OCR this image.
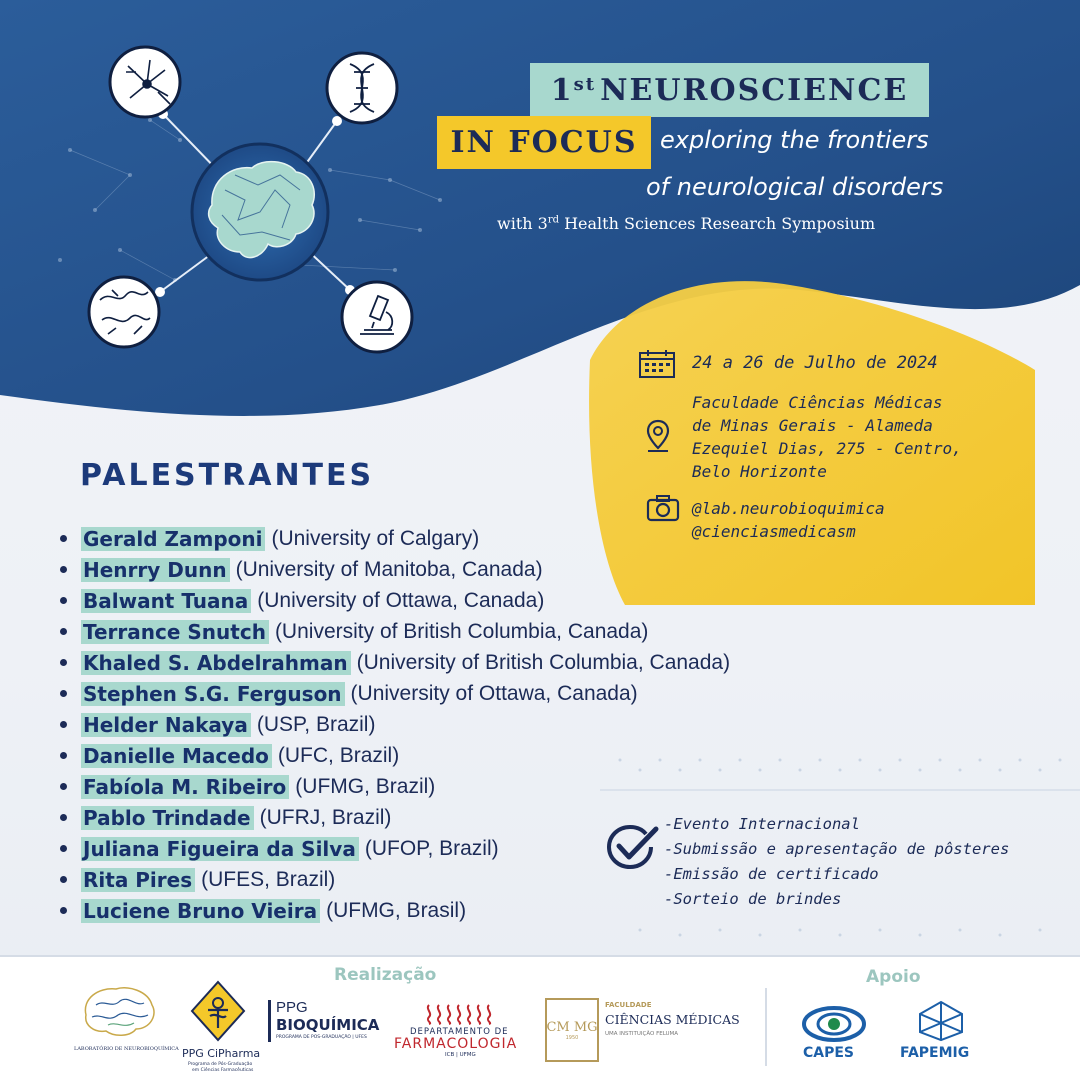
1st NEUROSCIENCE
IN FOCUS exploring the frontiers
of neurological disorders
with 3rd Health Sciences Research Symposium
24 a 26 de Julho de 2024
Faculdade Ciências Médicas
de Minas Gerais - Alameda
Ezequiel Dias, 275 - Centro,
Belo Horizonte
@lab.neurobioquimica
@cienciasmedicasm
PALESTRANTES
Gerald Zamponi (University of Calgary)
Henrry Dunn (University of Manitoba, Canada)
Balwant Tuana (University of Ottawa, Canada)
Terrance Snutch (University of British Columbia, Canada)
Khaled S. Abdelrahman (University of British Columbia, Canada)
Stephen S.G. Ferguson (University of Ottawa, Canada)
Helder Nakaya (USP, Brazil)
Danielle Macedo (UFC, Brazil)
Fabíola M. Ribeiro (UFMG, Brazil)
Pablo Trindade (UFRJ, Brazil)
Juliana Figueira da Silva (UFOP, Brazil)
Rita Pires (UFES, Brazil)
Luciene Bruno Vieira (UFMG, Brasil)
-Evento Internacional
-Submissão e apresentação de pôsteres
-Emissão de certificado
-Sorteio de brindes
Realização	Apoio
LABORATÓRIO DE NEUROBIOQUÍMICA PPG CiPharma
Programa de Pós-Graduação
em Ciências Farmacêuticas
PPG
BIOQUÍMICA
PROGRAMA DE POS-GRADUAÇÃO | UFES
DEPARTAMENTO DE
FARMACOLOGIA
ICB | UFMG
CM MG
1950
FACULDADE
CIÊNCIAS MÉDICAS
UMA INSTITUIÇÃO FELUMA
CAPES	FAPEMIG
